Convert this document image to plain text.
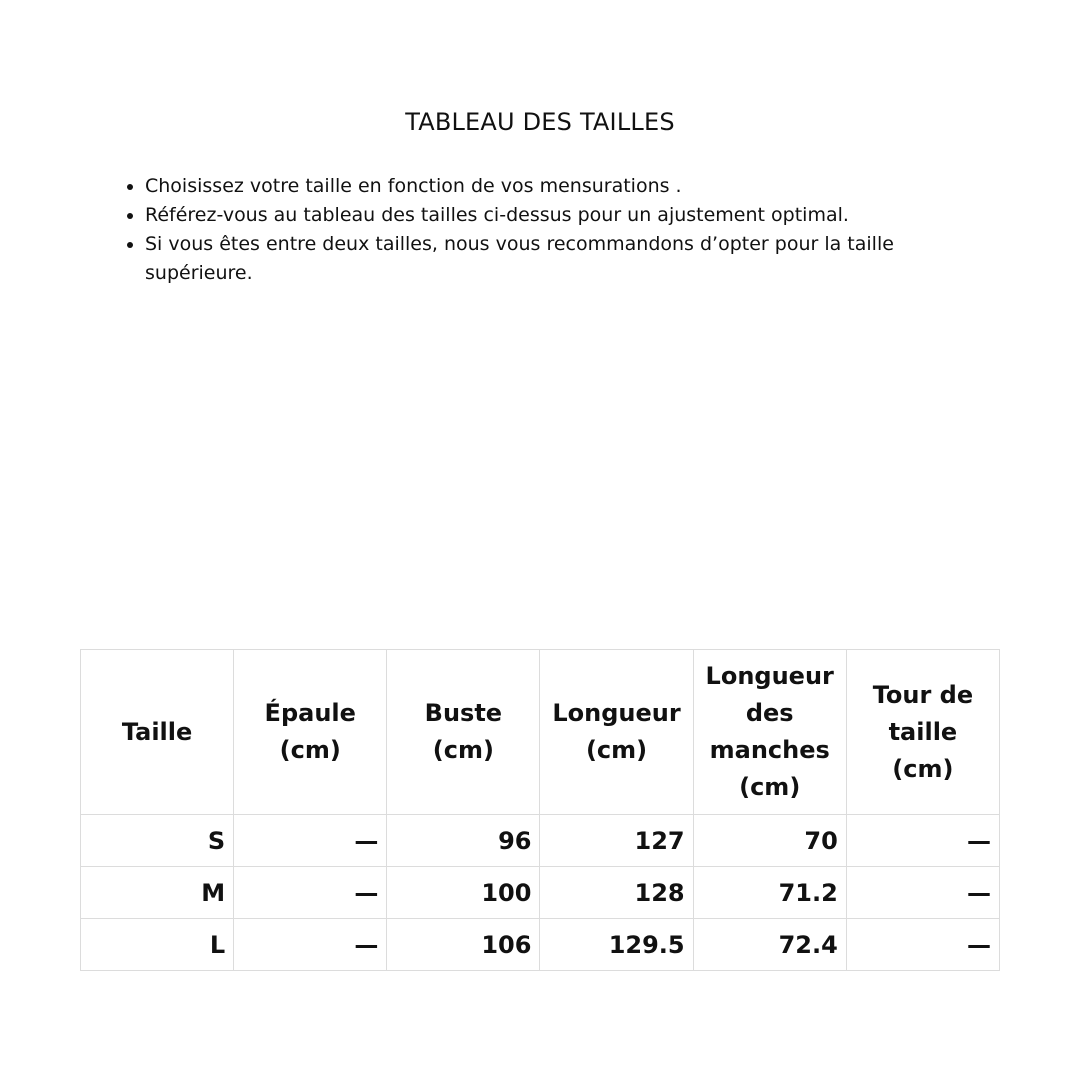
TABLEAU DES TAILLES
• Choisissez votre taille en fonction de vos mensurations .
• Référez-vous au tableau des tailles ci-dessus pour un ajustement optimal.
• Si vous êtes entre deux tailles, nous vous recommandons d’opter pour la taille supérieure.
Taille	Épaule (cm)	Buste (cm)	Longueur (cm)	Longueur des manches (cm)	Tour de taille (cm)
S	—	96	127	70	—
M	—	100	128	71.2	—
L	—	106	129.5	72.4	—
